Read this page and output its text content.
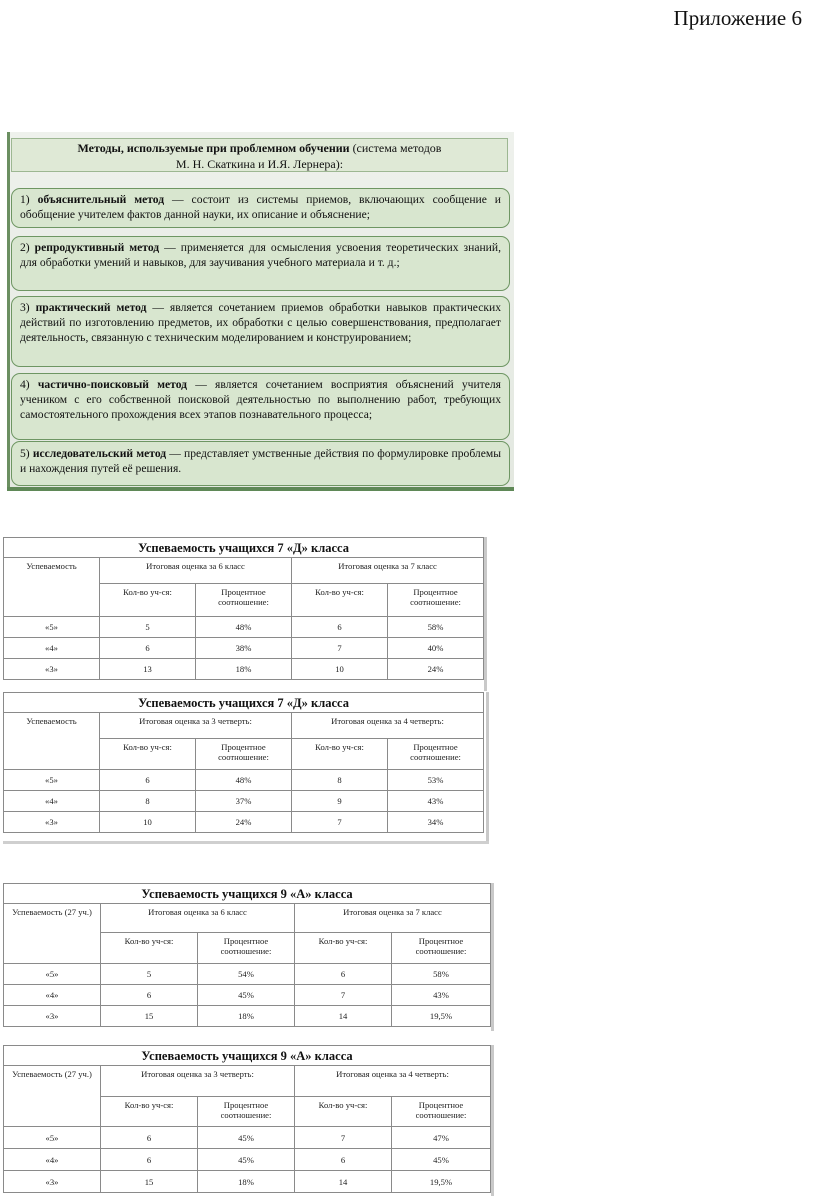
Приложение 6
Методы, используемые при проблемном обучении (система методов
М. Н. Скаткина и И.Я. Лернера):
1) объяснительный метод — состоит из системы приемов, включающих сообщение и обобщение учителем фактов данной науки, их описание и объяснение;
2) репродуктивный метод — применяется для осмысления усвоения теоретических знаний, для обработки умений и навыков, для заучивания учебного материала и т. д.;
3) практический метод — является сочетанием приемов обработки навыков практических действий по изготовлению предметов, их обработки с целью совершенствования, предполагает деятельность, связанную с техническим моделированием и конструированием;
4) частично-поисковый метод — является сочетанием восприятия объяснений учителя учеником с его собственной поисковой деятельностью по выполнению работ, требующих самостоятельного прохождения всех этапов познавательного процесса;
5) исследовательский метод — представляет умственные действия по формулировке проблемы и нахождения путей её решения.
Успеваемость учащихся 7 «Д» класса				
Успеваемость	Итоговая оценка за 6 класс		Итоговая оценка за 7 класс	
	Кол-во уч-ся:	Процентное соотношение:	Кол-во уч-ся:	Процентное соотношение:
«5»	5	48%	6	58%
«4»	6	38%	7	40%
«3»	13	18%	10	24%
Успеваемость учащихся 7 «Д» класса				
Успеваемость	Итоговая оценка за 3 четверть:		Итоговая оценка за 4 четверть:	
	Кол-во уч-ся:	Процентное соотношение:	Кол-во уч-ся:	Процентное соотношение:
«5»	6	48%	8	53%
«4»	8	37%	9	43%
«3»	10	24%	7	34%
Успеваемость учащихся 9 «А» класса				
Успеваемость (27 уч.)	Итоговая оценка за 6 класс		Итоговая оценка за 7 класс	
	Кол-во уч-ся:	Процентное соотношение:	Кол-во уч-ся:	Процентное соотношение:
«5»	5	54%	6	58%
«4»	6	45%	7	43%
«3»	15	18%	14	19,5%
Успеваемость учащихся 9 «А» класса				
Успеваемость (27 уч.)	Итоговая оценка за 3 четверть:		Итоговая оценка за 4 четверть:	
	Кол-во уч-ся:	Процентное соотношение:	Кол-во уч-ся:	Процентное соотношение:
«5»	6	45%	7	47%
«4»	6	45%	6	45%
«3»	15	18%	14	19,5%
